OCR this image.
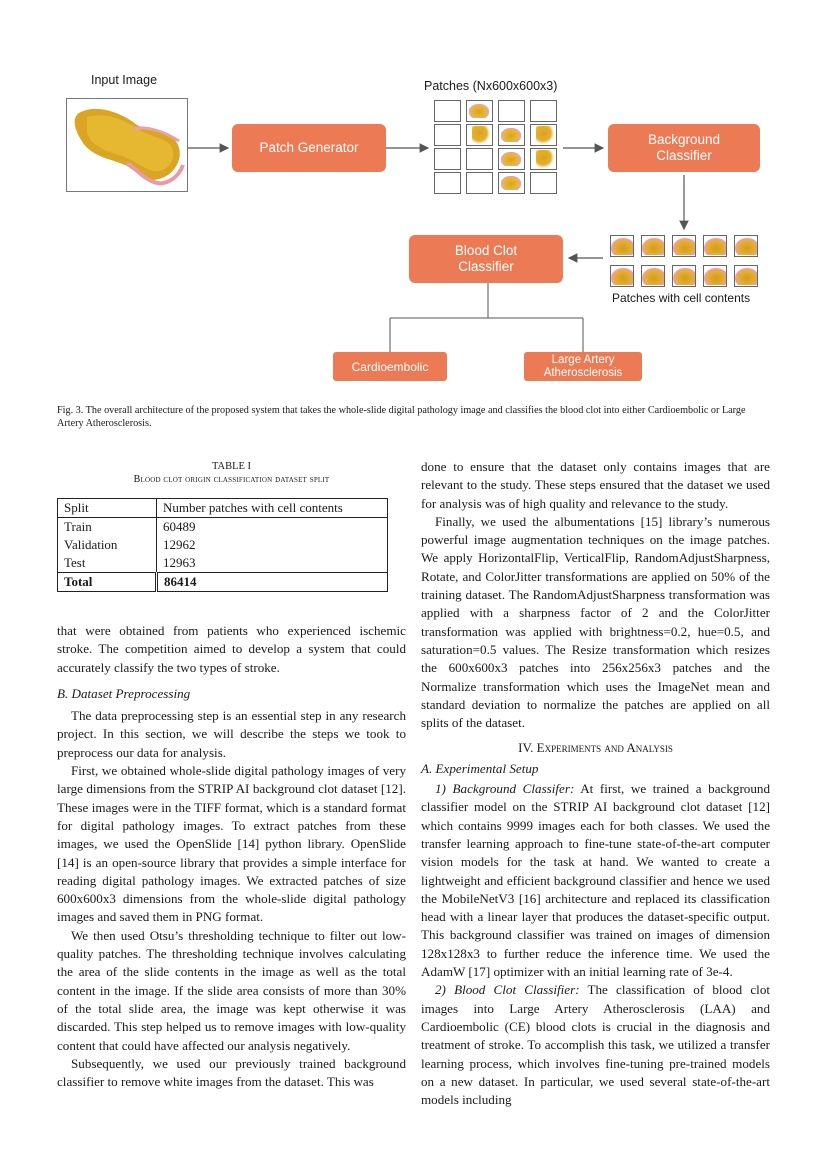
Input Image
Patch Generator
Patches (Nx600x600x3)
Background Classifier
Patches with cell contents
Blood Clot Classifier
Cardioembolic	Large Artery Atherosclerosis
Fig. 3. The overall architecture of the proposed system that takes the whole-slide digital pathology image and classifies the blood clot into either Cardioembolic or Large Artery Atherosclerosis.
TABLE I
Blood clot origin classification dataset split
Split	Number patches with cell contents
Train	60489
Validation	12962
Test	12963
Total	86414

that were obtained from patients who experienced ischemic stroke. The competition aimed to develop a system that could accurately classify the two types of stroke.

B. Dataset Preprocessing

The data preprocessing step is an essential step in any research project. In this section, we will describe the steps we took to preprocess our data for analysis.

First, we obtained whole-slide digital pathology images of very large dimensions from the STRIP AI background clot dataset [12]. These images were in the TIFF format, which is a standard format for digital pathology images. To extract patches from these images, we used the OpenSlide [14] python library. OpenSlide [14] is an open-source library that provides a simple interface for reading digital pathology images. We extracted patches of size 600x600x3 dimensions from the whole-slide digital pathology images and saved them in PNG format.

We then used Otsu’s thresholding technique to filter out low-quality patches. The thresholding technique involves calculating the area of the slide contents in the image as well as the total content in the image. If the slide area consists of more than 30% of the total slide area, the image was kept otherwise it was discarded. This step helped us to remove images with low-quality content that could have affected our analysis negatively.

Subsequently, we used our previously trained background classifier to remove white images from the dataset. This was

done to ensure that the dataset only contains images that are relevant to the study. These steps ensured that the dataset we used for analysis was of high quality and relevance to the study.

Finally, we used the albumentations [15] library’s numerous powerful image augmentation techniques on the image patches. We apply HorizontalFlip, VerticalFlip, RandomAdjustSharpness, Rotate, and ColorJitter transformations are applied on 50% of the training dataset. The RandomAdjustSharpness transformation was applied with a sharpness factor of 2 and the ColorJitter transformation was applied with brightness=0.2, hue=0.5, and saturation=0.5 values. The Resize transformation which resizes the 600x600x3 patches into 256x256x3 patches and the Normalize transformation which uses the ImageNet mean and standard deviation to normalize the patches are applied on all splits of the dataset.

IV. Experiments and Analysis

A. Experimental Setup

1) Background Classifer: At first, we trained a background classifier model on the STRIP AI background clot dataset [12] which contains 9999 images each for both classes. We used the transfer learning approach to fine-tune state-of-the-art computer vision models for the task at hand. We wanted to create a lightweight and efficient background classifier and hence we used the MobileNetV3 [16] architecture and replaced its classification head with a linear layer that produces the dataset-specific output. This background classifier was trained on images of dimension 128x128x3 to further reduce the inference time. We used the AdamW [17] optimizer with an initial learning rate of 3e-4.

2) Blood Clot Classifier: The classification of blood clot images into Large Artery Atherosclerosis (LAA) and Cardioembolic (CE) blood clots is crucial in the diagnosis and treatment of stroke. To accomplish this task, we utilized a transfer learning process, which involves fine-tuning pre-trained models on a new dataset. In particular, we used several state-of-the-art models including
